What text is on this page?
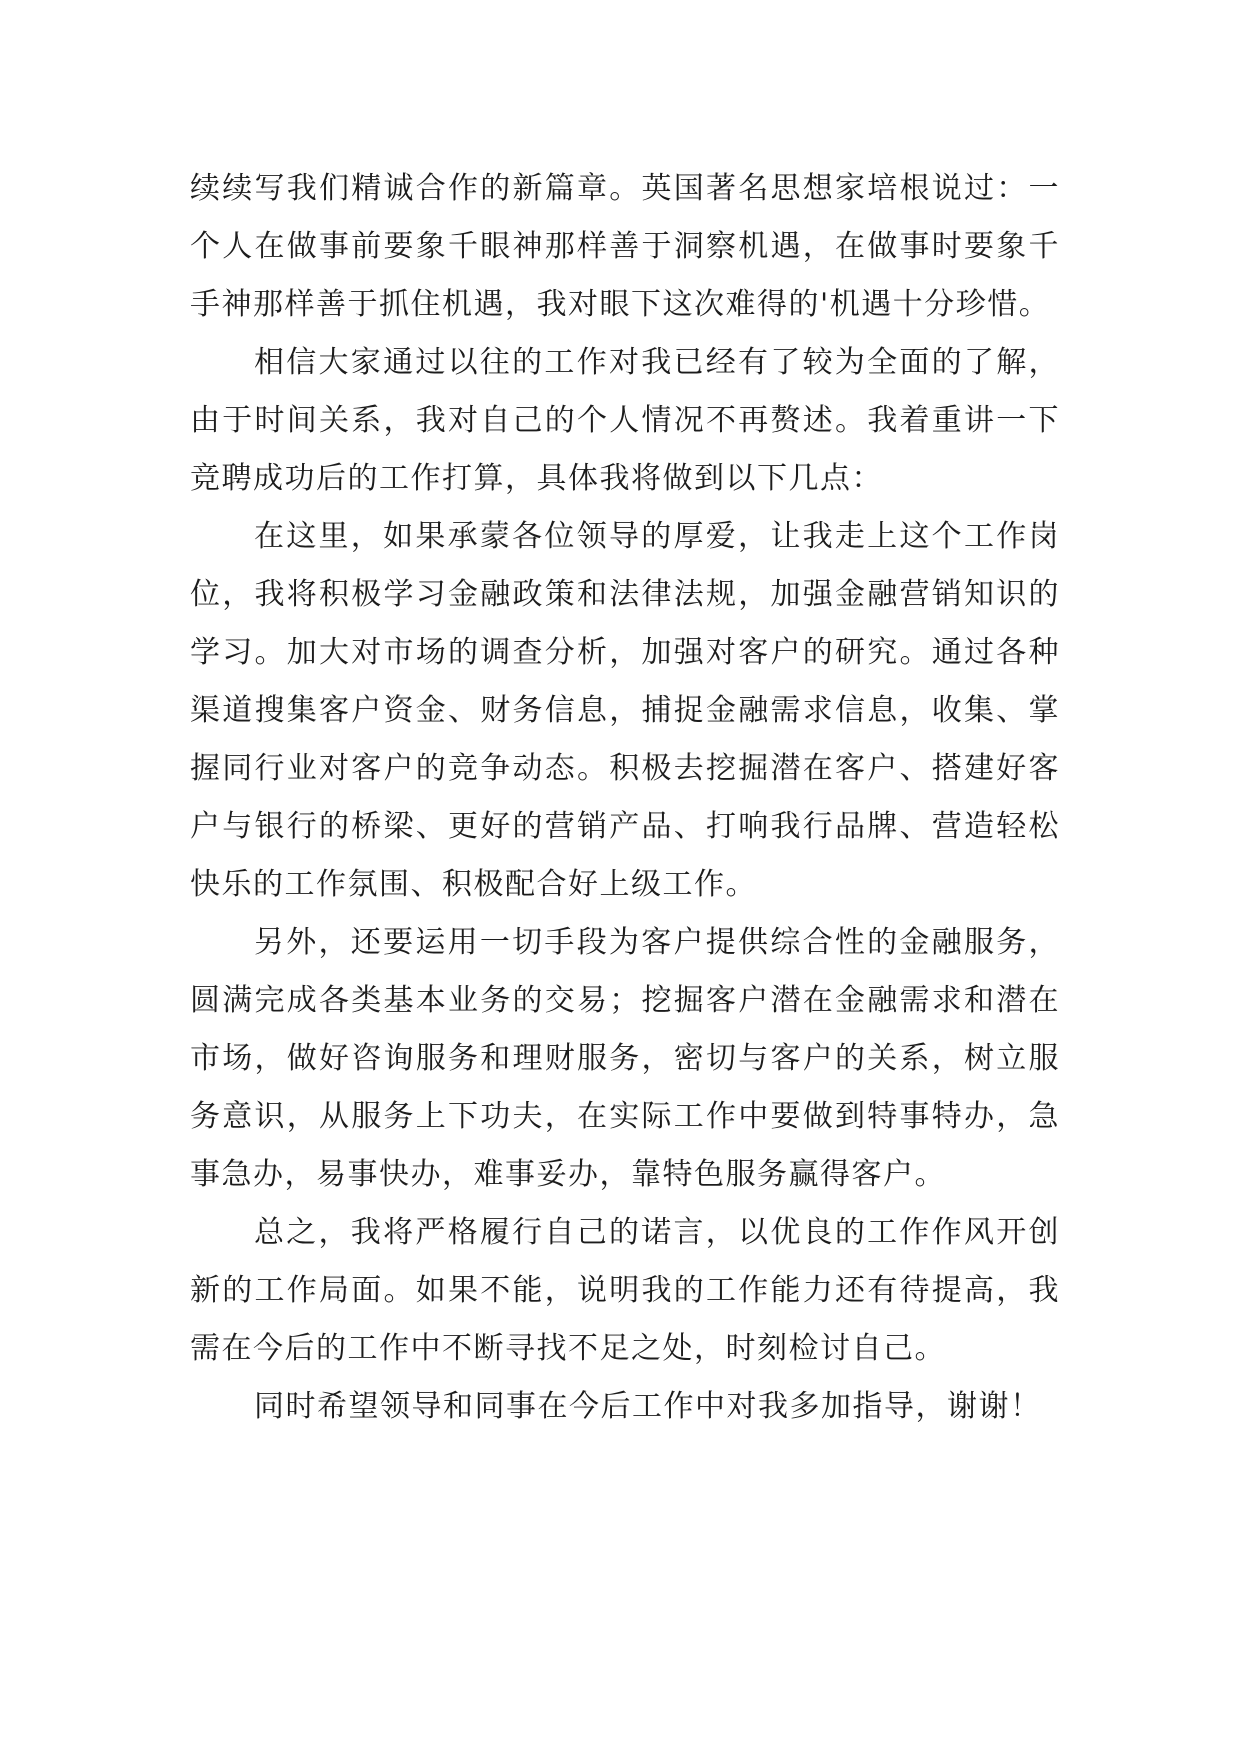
续续写我们精诚合作的新篇章。英国著名思想家培根说过：一个人在做事前要象千眼神那样善于洞察机遇，在做事时要象千手神那样善于抓住机遇，我对眼下这次难得的'机遇十分珍惜。

相信大家通过以往的工作对我已经有了较为全面的了解，由于时间关系，我对自己的个人情况不再赘述。我着重讲一下竞聘成功后的工作打算，具体我将做到以下几点：

在这里，如果承蒙各位领导的厚爱，让我走上这个工作岗位，我将积极学习金融政策和法律法规，加强金融营销知识的学习。加大对市场的调查分析，加强对客户的研究。通过各种渠道搜集客户资金、财务信息，捕捉金融需求信息，收集、掌握同行业对客户的竞争动态。积极去挖掘潜在客户、搭建好客户与银行的桥梁、更好的营销产品、打响我行品牌、营造轻松快乐的工作氛围、积极配合好上级工作。

另外，还要运用一切手段为客户提供综合性的金融服务，圆满完成各类基本业务的交易；挖掘客户潜在金融需求和潜在市场，做好咨询服务和理财服务，密切与客户的关系，树立服务意识，从服务上下功夫，在实际工作中要做到特事特办，急事急办，易事快办，难事妥办，靠特色服务赢得客户。

总之，我将严格履行自己的诺言，以优良的工作作风开创新的工作局面。如果不能，说明我的工作能力还有待提高，我需在今后的工作中不断寻找不足之处，时刻检讨自己。

同时希望领导和同事在今后工作中对我多加指导，谢谢！
